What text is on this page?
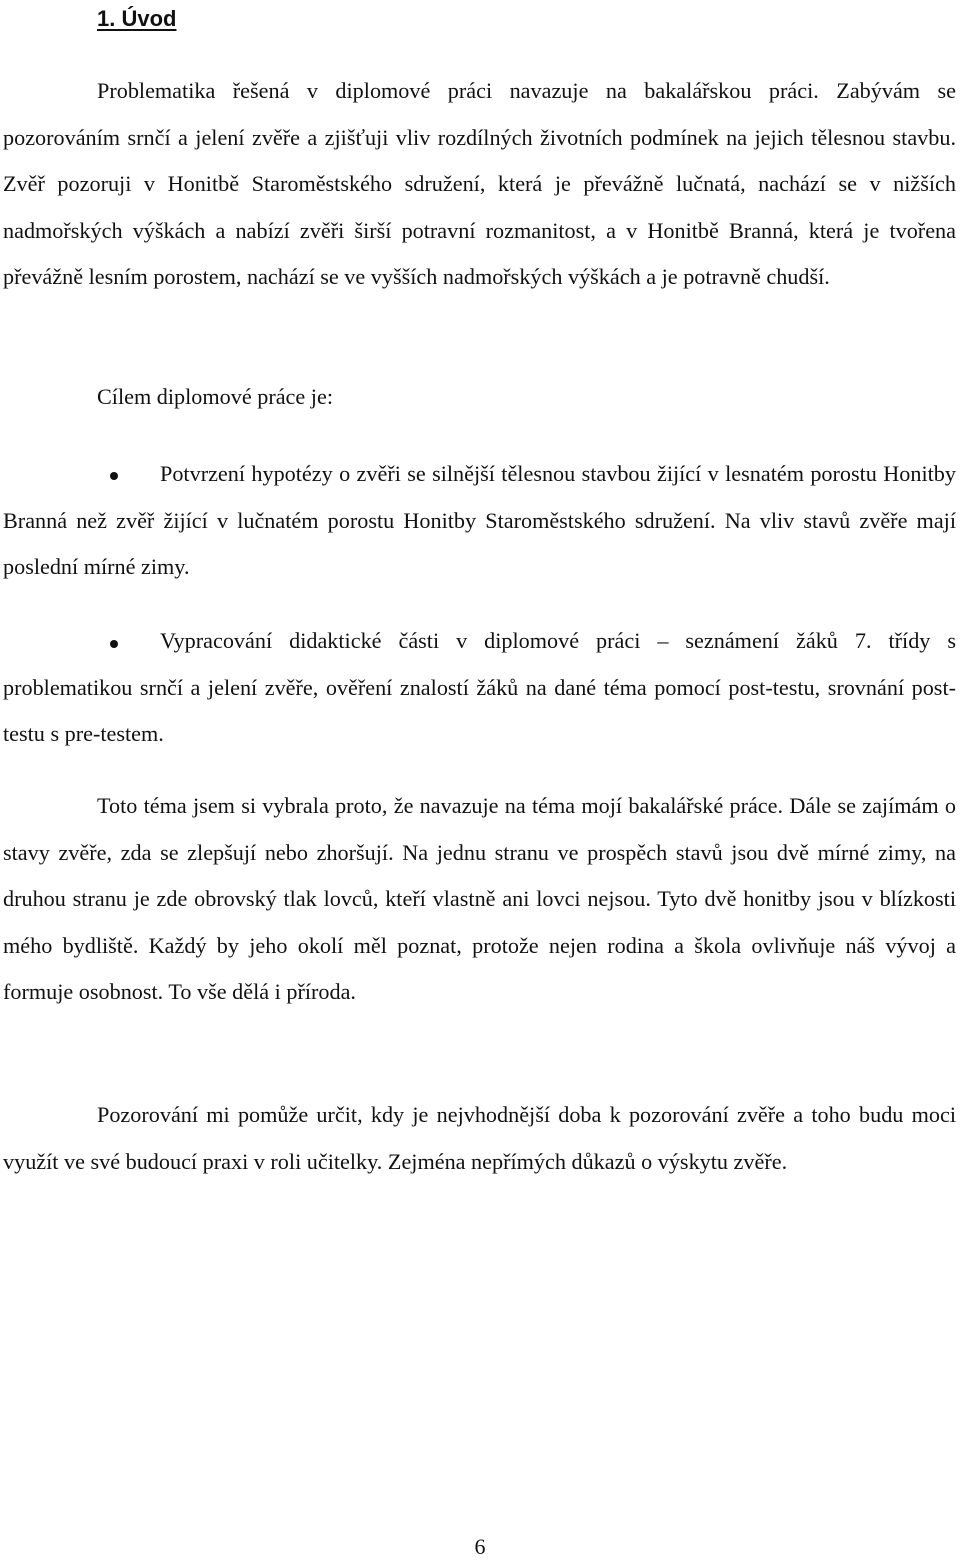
1. Úvod

Problematika řešená v diplomové práci navazuje na bakalářskou práci. Zabývám se pozorováním srnčí a jelení zvěře a zjišťuji vliv rozdílných životních podmínek na jejich tělesnou stavbu. Zvěř pozoruji v Honitbě Staroměstského sdružení, která je převážně lučnatá, nachází se v nižších nadmořských výškách a nabízí zvěři širší potravní rozmanitost, a v Honitbě Branná, která je tvořena převážně lesním porostem, nachází se ve vyšších nadmořských výškách a je potravně chudší.

Cílem diplomové práce je:

Potvrzení hypotézy o zvěři se silnější tělesnou stavbou žijící v lesnatém porostu Honitby Branná než zvěř žijící v lučnatém porostu Honitby Staroměstského sdružení. Na vliv stavů zvěře mají poslední mírné zimy.

Vypracování didaktické části v diplomové práci – seznámení žáků 7. třídy s problematikou srnčí a jelení zvěře, ověření znalostí žáků na dané téma pomocí post-testu, srovnání post-testu s pre-testem.

Toto téma jsem si vybrala proto, že navazuje na téma mojí bakalářské práce. Dále se zajímám o stavy zvěře, zda se zlepšují nebo zhoršují. Na jednu stranu ve prospěch stavů jsou dvě mírné zimy, na druhou stranu je zde obrovský tlak lovců, kteří vlastně ani lovci nejsou. Tyto dvě honitby jsou v blízkosti mého bydliště. Každý by jeho okolí měl poznat, protože nejen rodina a škola ovlivňuje náš vývoj a formuje osobnost. To vše dělá i příroda.

Pozorování mi pomůže určit, kdy je nejvhodnější doba k pozorování zvěře a toho budu moci využít ve své budoucí praxi v roli učitelky. Zejména nepřímých důkazů o výskytu zvěře.

6
